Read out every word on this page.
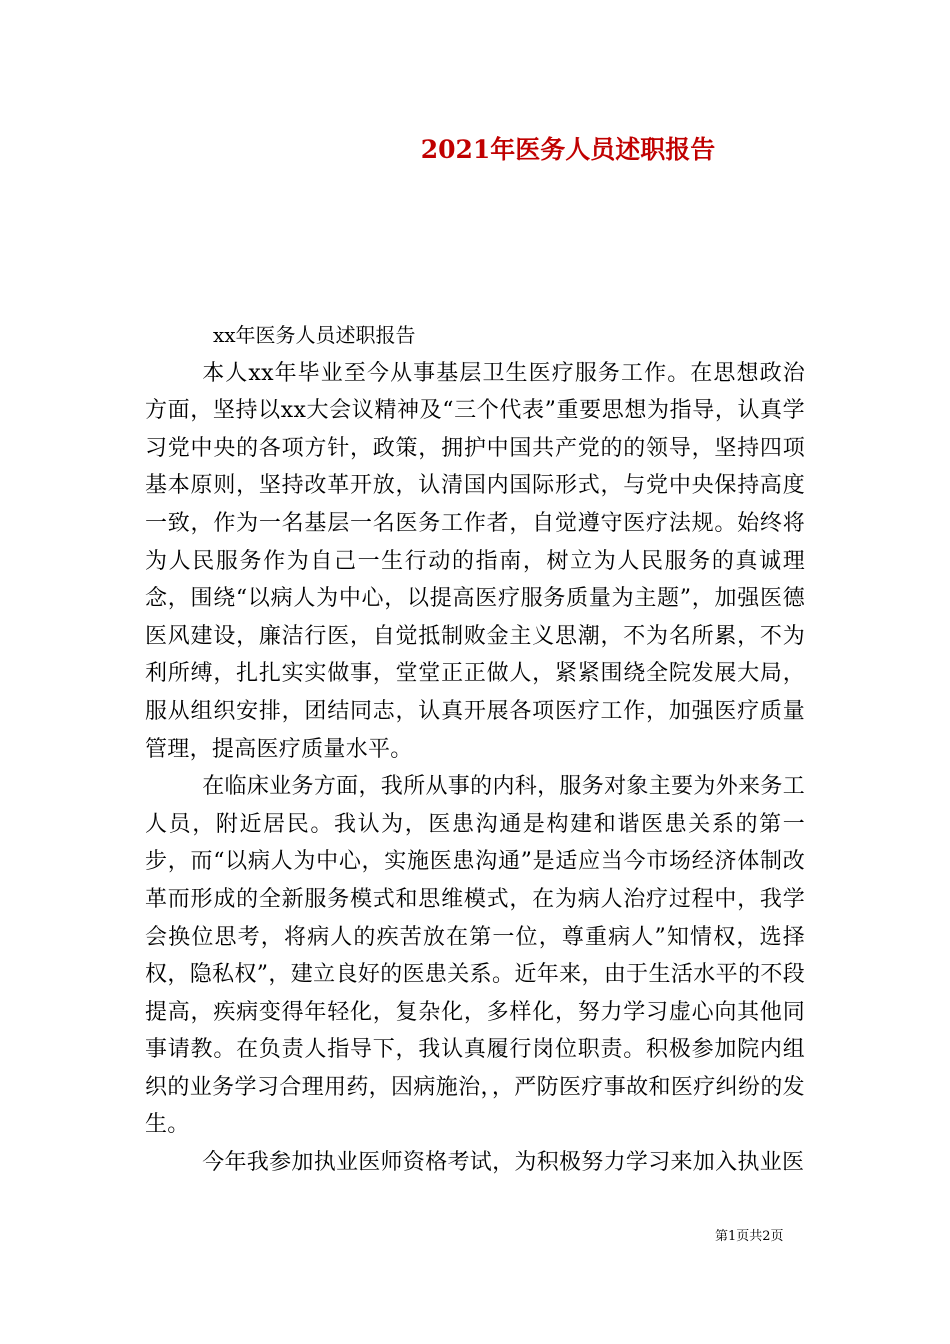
2021年医务人员述职报告
xx年医务人员述职报告

本人xx年毕业至今从事基层卫生医疗服务工作。在思想政治方面，坚持以xx大会议精神及“三个代表”重要思想为指导，认真学习党中央的各项方针，政策，拥护中国共产党的的领导，坚持四项基本原则，坚持改革开放，认清国内国际形式，与党中央保持高度一致，作为一名基层一名医务工作者，自觉遵守医疗法规。始终将为人民服务作为自己一生行动的指南，树立为人民服务的真诚理念，围绕“以病人为中心，以提高医疗服务质量为主题”，加强医德医风建设，廉洁行医，自觉抵制败金主义思潮，不为名所累，不为利所缚，扎扎实实做事，堂堂正正做人，紧紧围绕全院发展大局，服从组织安排，团结同志，认真开展各项医疗工作，加强医疗质量管理，提高医疗质量水平。

在临床业务方面，我所从事的内科，服务对象主要为外来务工人员，附近居民。我认为，医患沟通是构建和谐医患关系的第一步，而“以病人为中心，实施医患沟通”是适应当今市场经济体制改革而形成的全新服务模式和思维模式，在为病人治疗过程中，我学会换位思考，将病人的疾苦放在第一位，尊重病人”知情权，选择权，隐私权”，建立良好的医患关系。近年来，由于生活水平的不段提高，疾病变得年轻化，复杂化，多样化，努力学习虚心向其他同事请教。在负责人指导下，我认真履行岗位职责。积极参加院内组织的业务学习合理用药，因病施治，，严防医疗事故和医疗纠纷的发生。

今年我参加执业医师资格考试，为积极努力学习来加入执业医

第1页共2页
